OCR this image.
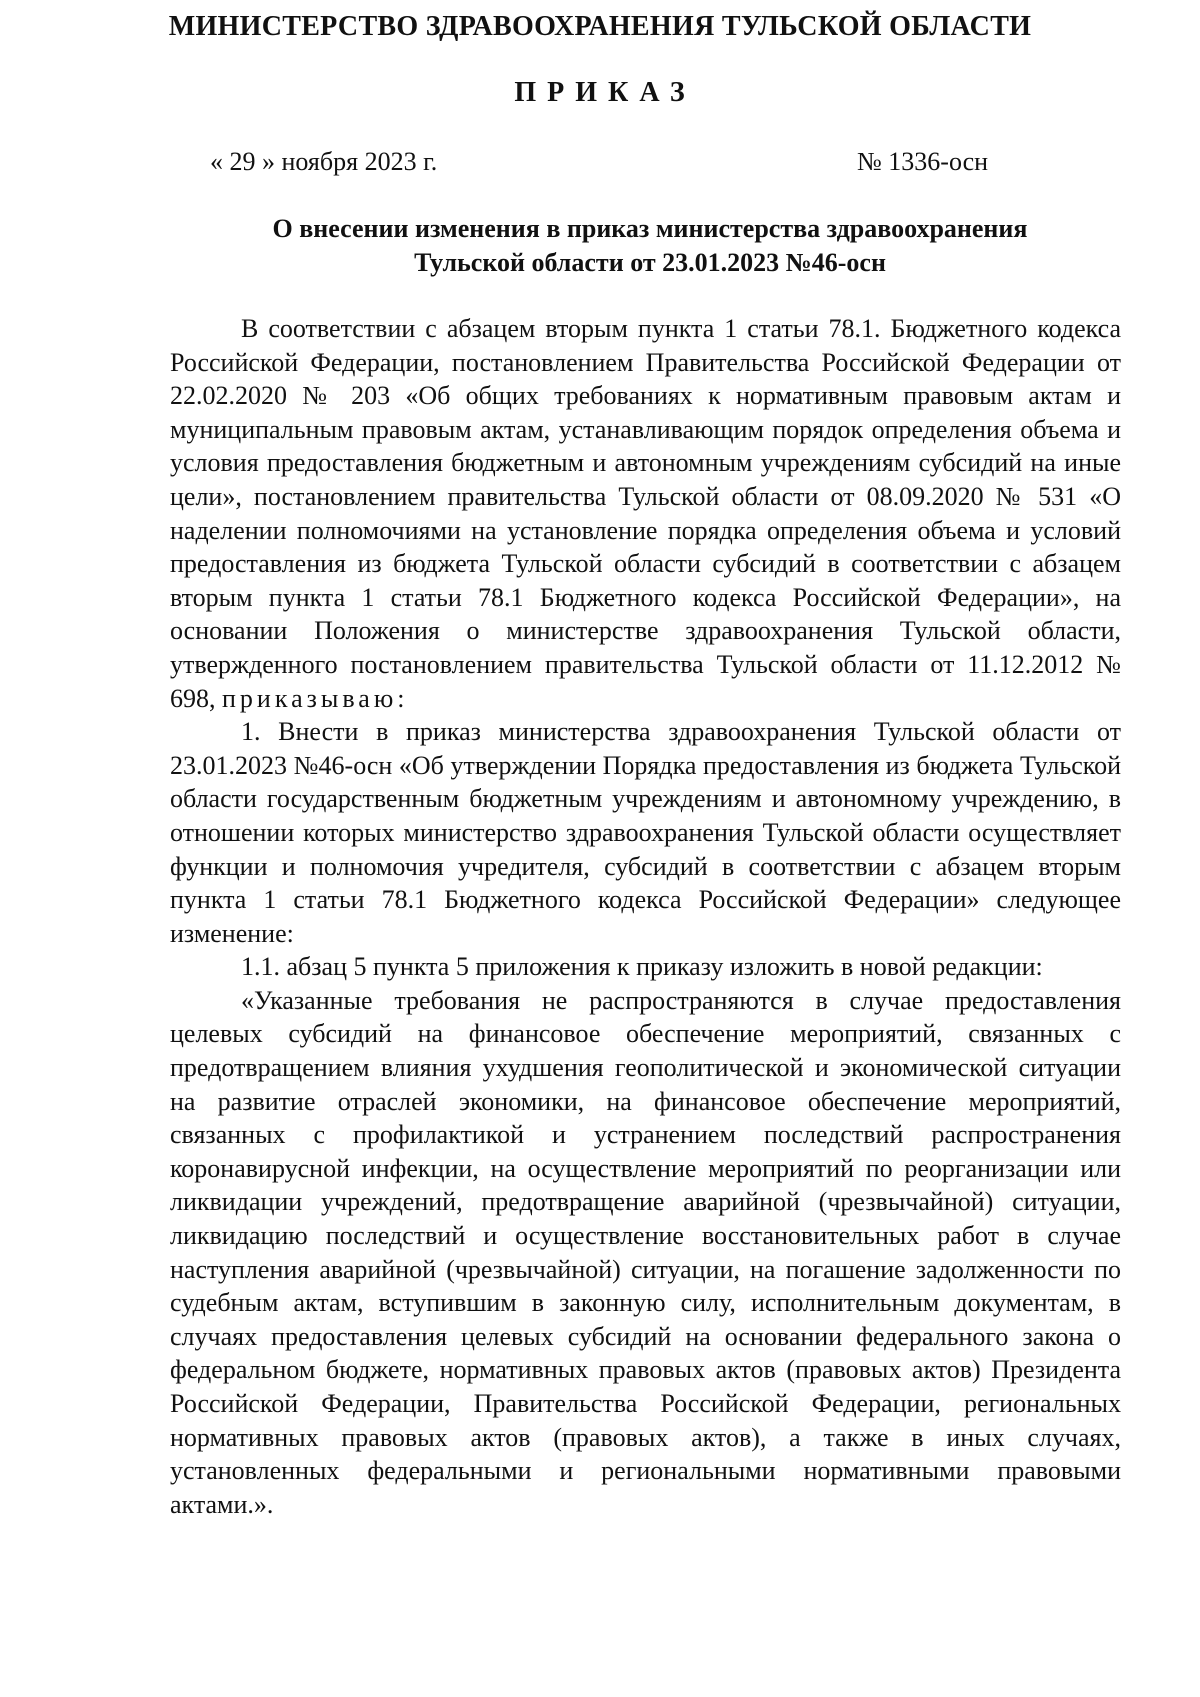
МИНИСТЕРСТВО ЗДРАВООХРАНЕНИЯ ТУЛЬСКОЙ ОБЛАСТИ
ПРИКАЗ
« 29 » ноября 2023 г.	№ 1336-осн
О внесении изменения в приказ министерства здравоохранения
Тульской области от 23.01.2023 №46-осн

В соответствии с абзацем вторым пункта 1 статьи 78.1. Бюджетного кодекса Российской Федерации, постановлением Правительства Российской Федерации от 22.02.2020 № 203 «Об общих требованиях к нормативным правовым актам и муниципальным правовым актам, устанавливающим порядок определения объема и условия предоставления бюджетным и автономным учреждениям субсидий на иные цели», постановлением правительства Тульской области от 08.09.2020 № 531 «О наделении полномочиями на установление порядка определения объема и условий предоставления из бюджета Тульской области субсидий в соответствии с абзацем вторым пункта 1 статьи 78.1 Бюджетного кодекса Российской Федерации», на основании Положения о министерстве здравоохранения Тульской области, утвержденного постановлением правительства Тульской области от 11.12.2012 № 698, приказываю:

1. Внести в приказ министерства здравоохранения Тульской области от 23.01.2023 №46-осн «Об утверждении Порядка предоставления из бюджета Тульской области государственным бюджетным учреждениям и автономному учреждению, в отношении которых министерство здравоохранения Тульской области осуществляет функции и полномочия учредителя, субсидий в соответствии с абзацем вторым пункта 1 статьи 78.1 Бюджетного кодекса Российской Федерации» следующее изменение:

1.1. абзац 5 пункта 5 приложения к приказу изложить в новой редакции:

«Указанные требования не распространяются в случае предоставления целевых субсидий на финансовое обеспечение мероприятий, связанных с предотвращением влияния ухудшения геополитической и экономической ситуации на развитие отраслей экономики, на финансовое обеспечение мероприятий, связанных с профилактикой и устранением последствий распространения коронавирусной инфекции, на осуществление мероприятий по реорганизации или ликвидации учреждений, предотвращение аварийной (чрезвычайной) ситуации, ликвидацию последствий и осуществление восстановительных работ в случае наступления аварийной (чрезвычайной) ситуации, на погашение задолженности по судебным актам, вступившим в законную силу, исполнительным документам, в случаях предоставления целевых субсидий на основании федерального закона о федеральном бюджете, нормативных правовых актов (правовых актов) Президента Российской Федерации, Правительства Российской Федерации, региональных нормативных правовых актов (правовых актов), а также в иных случаях, установленных федеральными и региональными нормативными правовыми актами.».
